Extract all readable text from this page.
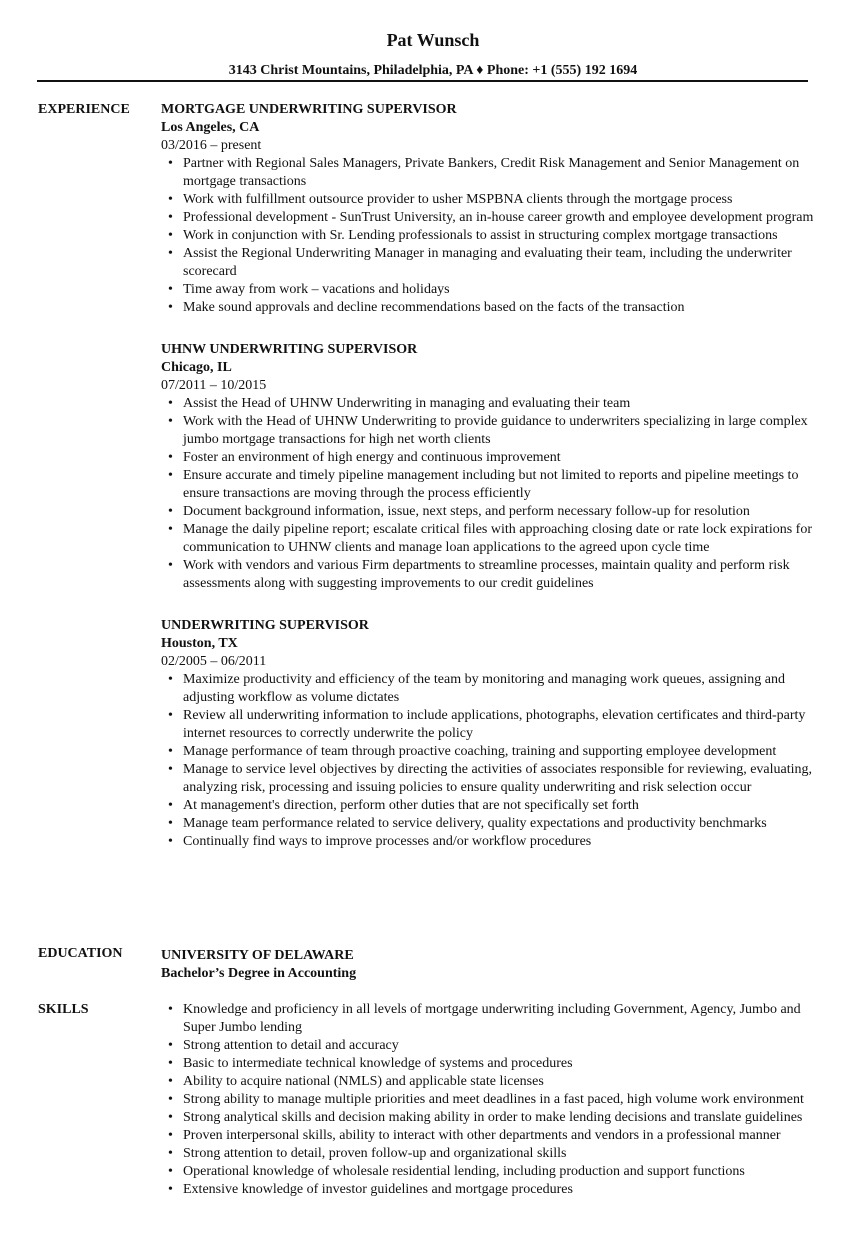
Pat Wunsch
3143 Christ Mountains, Philadelphia, PA ♦ Phone: +1 (555) 192 1694
EXPERIENCE MORTGAGE UNDERWRITING SUPERVISOR
Los Angeles, CA
03/2016 – present
• Partner with Regional Sales Managers, Private Bankers, Credit Risk Management and Senior Management on mortgage transactions
• Work with fulfillment outsource provider to usher MSPBNA clients through the mortgage process
• Professional development - SunTrust University, an in-house career growth and employee development program
• Work in conjunction with Sr. Lending professionals to assist in structuring complex mortgage transactions
• Assist the Regional Underwriting Manager in managing and evaluating their team, including the underwriter scorecard
• Time away from work – vacations and holidays
• Make sound approvals and decline recommendations based on the facts of the transaction
UHNW UNDERWRITING SUPERVISOR
Chicago, IL
07/2011 – 10/2015
• Assist the Head of UHNW Underwriting in managing and evaluating their team
• Work with the Head of UHNW Underwriting to provide guidance to underwriters specializing in large complex jumbo mortgage transactions for high net worth clients
• Foster an environment of high energy and continuous improvement
• Ensure accurate and timely pipeline management including but not limited to reports and pipeline meetings to ensure transactions are moving through the process efficiently
• Document background information, issue, next steps, and perform necessary follow-up for resolution
• Manage the daily pipeline report; escalate critical files with approaching closing date or rate lock expirations for communication to UHNW clients and manage loan applications to the agreed upon cycle time
• Work with vendors and various Firm departments to streamline processes, maintain quality and perform risk assessments along with suggesting improvements to our credit guidelines
UNDERWRITING SUPERVISOR
Houston, TX
02/2005 – 06/2011
• Maximize productivity and efficiency of the team by monitoring and managing work queues, assigning and adjusting workflow as volume dictates
• Review all underwriting information to include applications, photographs, elevation certificates and third-party internet resources to correctly underwrite the policy
• Manage performance of team through proactive coaching, training and supporting employee development
• Manage to service level objectives by directing the activities of associates responsible for reviewing, evaluating, analyzing risk, processing and issuing policies to ensure quality underwriting and risk selection occur
• At management's direction, perform other duties that are not specifically set forth
• Manage team performance related to service delivery, quality expectations and productivity benchmarks
• Continually find ways to improve processes and/or workflow procedures
EDUCATION	UNIVERSITY OF DELAWARE
Bachelor’s Degree in Accounting
SKILLS
•	Knowledge and proficiency in all levels of mortgage underwriting including Government, Agency, Jumbo and Super Jumbo lending
• Strong attention to detail and accuracy
• Basic to intermediate technical knowledge of systems and procedures
• Ability to acquire national (NMLS) and applicable state licenses
• Strong ability to manage multiple priorities and meet deadlines in a fast paced, high volume work environment
• Strong analytical skills and decision making ability in order to make lending decisions and translate guidelines
• Proven interpersonal skills, ability to interact with other departments and vendors in a professional manner
• Strong attention to detail, proven follow-up and organizational skills
• Operational knowledge of wholesale residential lending, including production and support functions
• Extensive knowledge of investor guidelines and mortgage procedures
